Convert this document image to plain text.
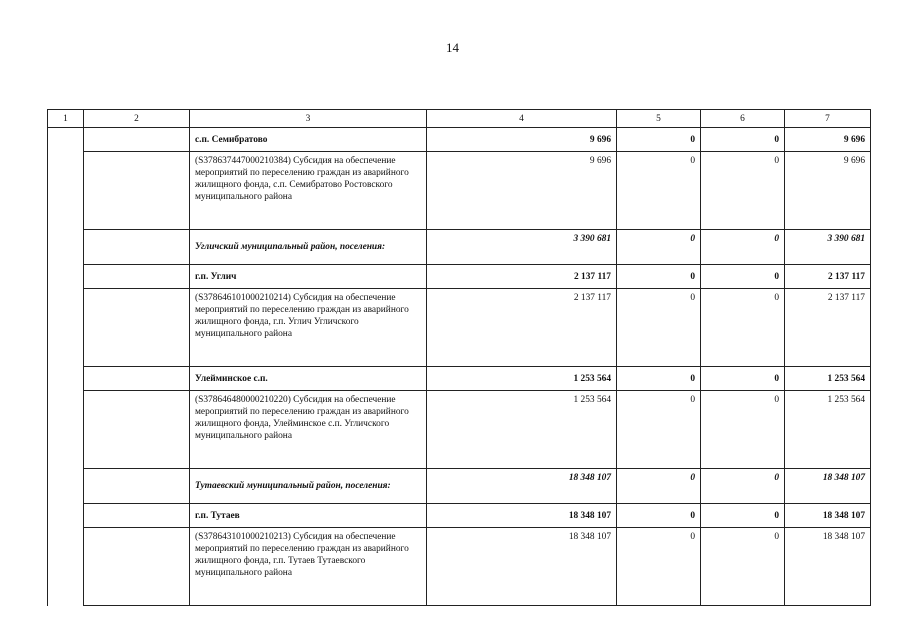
14
1	2	3	4	5	6	7
		с.п. Семибратово	9 696	0	0	9 696
		(S378637447000210384) Субсидия на обеспечение мероприятий по переселению граждан из аварийного жилищного фонда, с.п. Семибратово Ростовского муниципального района	9 696	0	0	9 696
		Угличский муниципальный район, поселения:	3 390 681	0	0	3 390 681
		г.п. Углич	2 137 117	0	0	2 137 117
		(S378646101000210214) Субсидия на обеспечение мероприятий по переселению граждан из аварийного жилищного фонда, г.п. Углич Угличского муниципального района	2 137 117	0	0	2 137 117
		Улейминское с.п.	1 253 564	0	0	1 253 564
		(S378646480000210220) Субсидия на обеспечение мероприятий по переселению граждан из аварийного жилищного фонда, Улейминское с.п. Угличского муниципального района	1 253 564	0	0	1 253 564
		Тутаевский муниципальный район, поселения:	18 348 107	0	0	18 348 107
		г.п. Тутаев	18 348 107	0	0	18 348 107
		(S378643101000210213) Субсидия на обеспечение мероприятий по переселению граждан из аварийного жилищного фонда, г.п. Тутаев Тутаевского муниципального района	18 348 107	0	0	18 348 107
